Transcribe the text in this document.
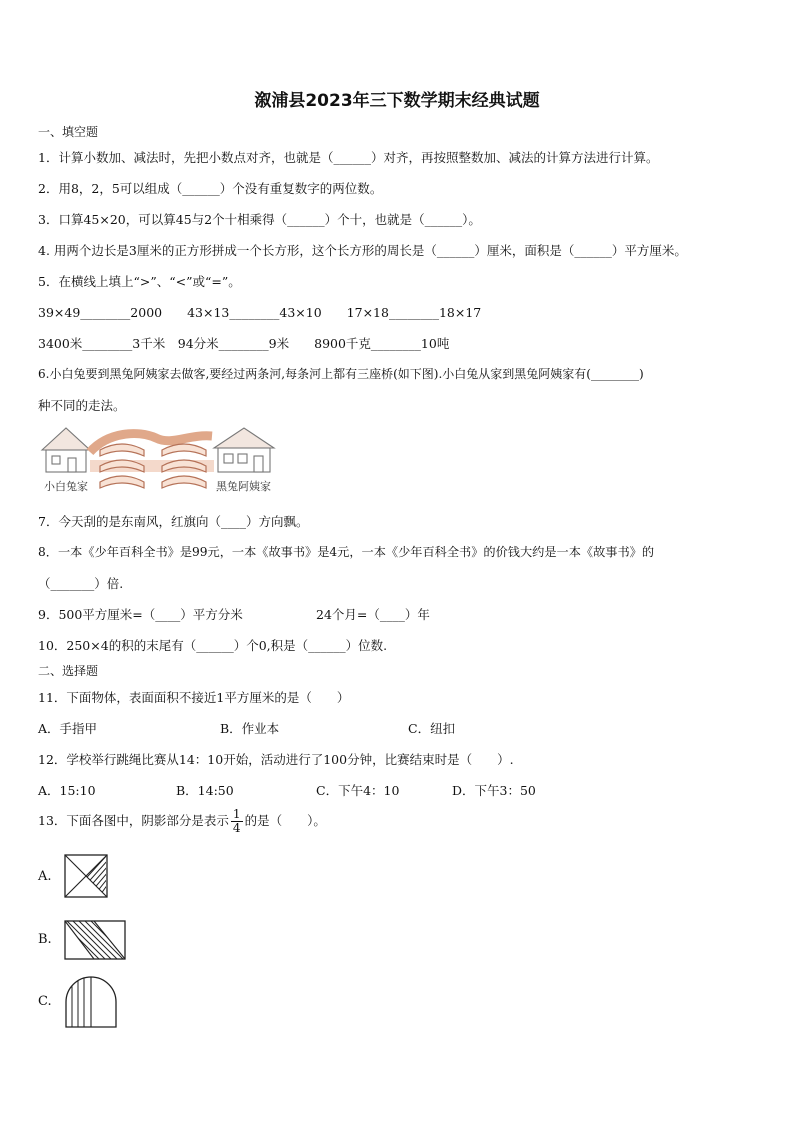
溆浦县2023年三下数学期末经典试题
一、填空题
1．计算小数加、减法时，先把小数点对齐，也就是（______）对齐，再按照整数加、减法的计算方法进行计算。
2．用8，2，5可以组成（______）个没有重复数字的两位数。
3．口算45×20，可以算45与2个十相乘得（______）个十，也就是（______）。
4. 用两个边长是3厘米的正方形拼成一个长方形，这个长方形的周长是（______）厘米，面积是（______）平方厘米。
5．在横线上填上“>”、“<”或“=”。
39×49________2000　　43×13________43×10　　17×18________18×17
3400米________3千米　94分米________9米　　8900千克________10吨
6.小白兔要到黑兔阿姨家去做客,要经过两条河,每条河上都有三座桥(如下图).小白兔从家到黑兔阿姨家有(________)
种不同的走法。
小白兔家	黑兔阿姨家
7．今天刮的是东南风，红旗向（____）方向飘。
8．一本《少年百科全书》是99元，一本《故事书》是4元，一本《少年百科全书》的价钱大约是一本《故事书》的
（_______）倍.
9．500平方厘米=（____）平方分米	24个月=（____）年
10．250×4的积的末尾有（______）个0,积是（______）位数.
二、选择题
11．下面物体，表面面积不接近1平方厘米的是（　　）
A．手指甲	B．作业本	C．纽扣
12．学校举行跳绳比赛从14：10开始，活动进行了100分钟，比赛结束时是（　　）.
A．15:10	B．14:50	C．下午4：10	D．下午3：50
13．下面各图中，阴影部分是表示 $\frac{1}{4}$ 的是（　　）。
A.
B.
C.
